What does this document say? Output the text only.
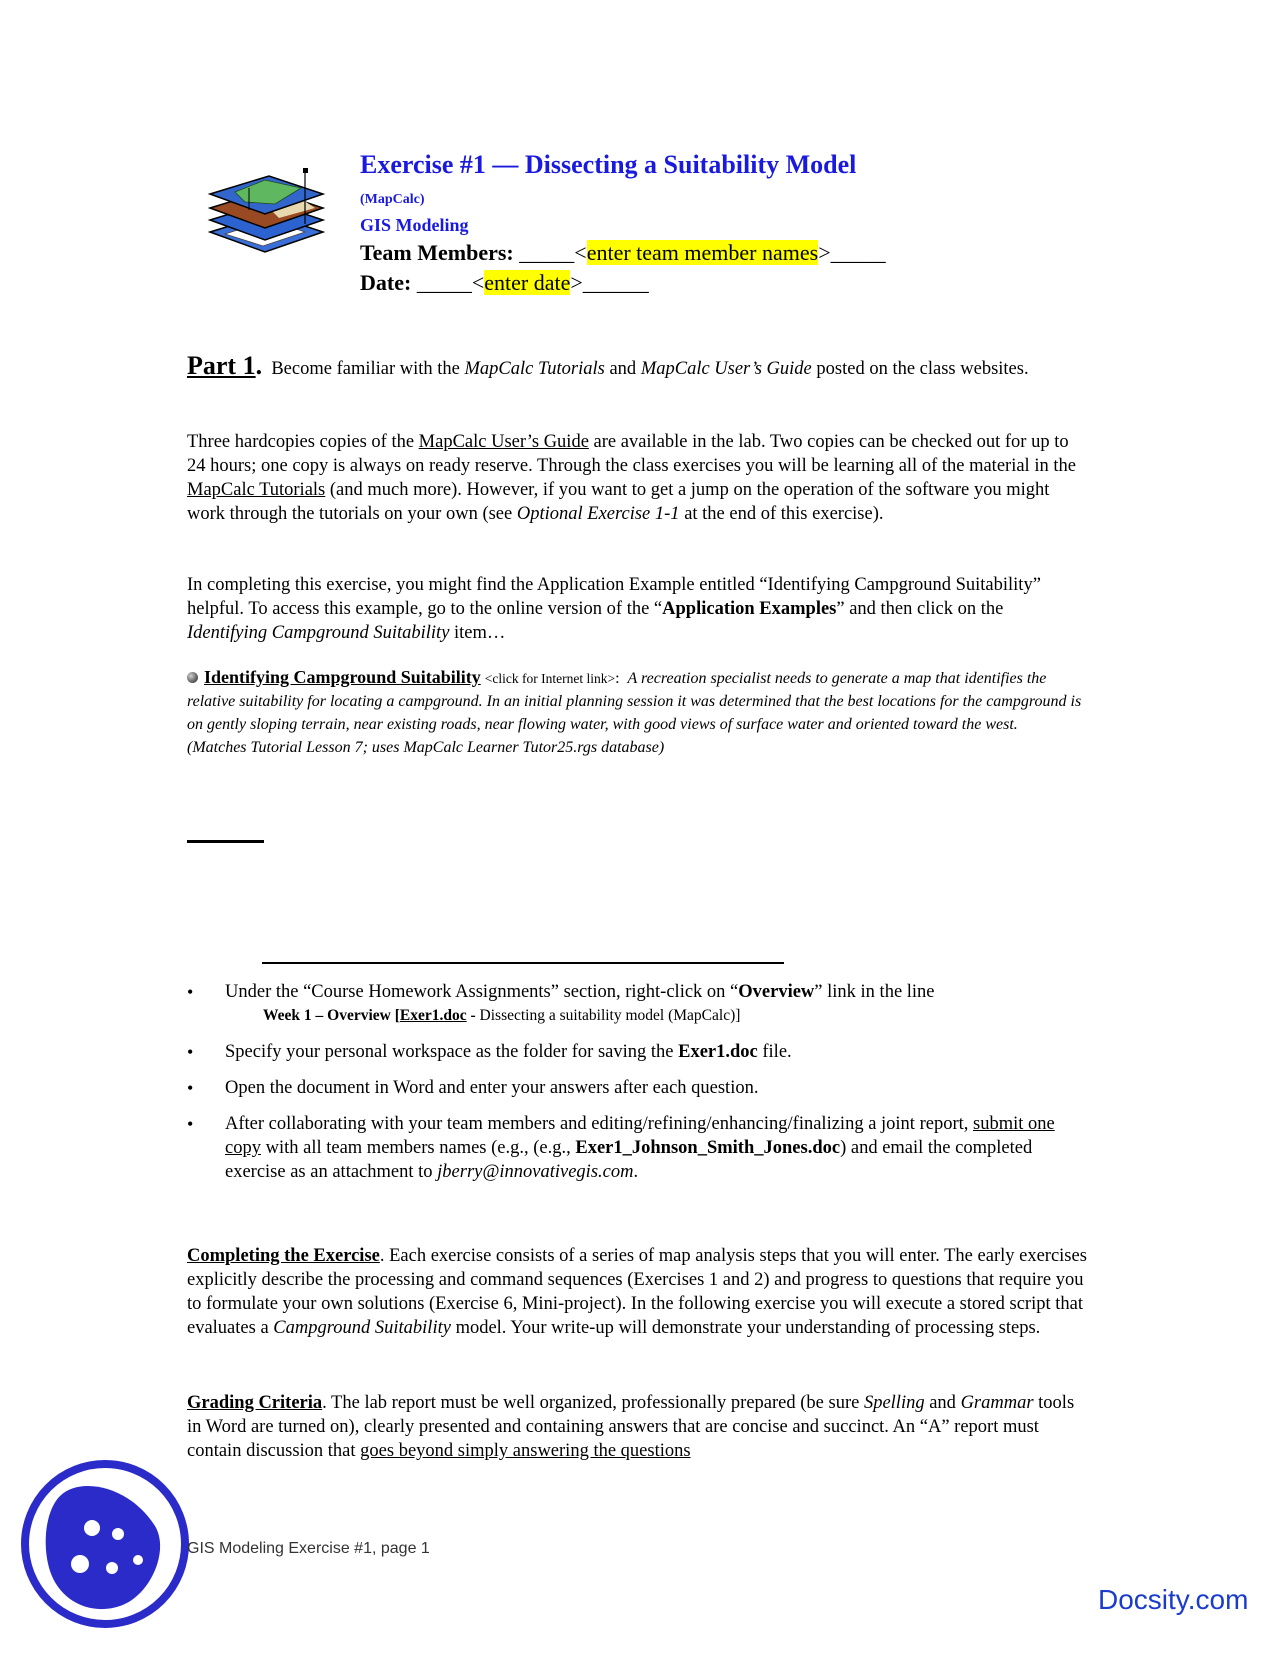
Exercise #1 — Dissecting a Suitability Model
(MapCalc)
GIS Modeling
Team Members: _____<enter team member names>_____
Date: _____<enter date>______
Part 1. Become familiar with the MapCalc Tutorials and MapCalc User’s Guide posted on the class websites.
Three hardcopies copies of the MapCalc User’s Guide are available in the lab. Two copies can be checked out for up to 24 hours; one copy is always on ready reserve. Through the class exercises you will be learning all of the material in the MapCalc Tutorials (and much more). However, if you want to get a jump on the operation of the software you might work through the tutorials on your own (see Optional Exercise 1-1 at the end of this exercise).
In completing this exercise, you might find the Application Example entitled “Identifying Campground Suitability” helpful. To access this example, go to the online version of the “Application Examples” and then click on the Identifying Campground Suitability item…
Identifying Campground Suitability <click for Internet link>: A recreation specialist needs to generate a map that identifies the relative suitability for locating a campground. In an initial planning session it was determined that the best locations for the campground is on gently sloping terrain, near existing roads, near flowing water, with good views of surface water and oriented toward the west.   (Matches Tutorial Lesson 7; uses MapCalc Learner Tutor25.rgs database)
• Under the “Course Homework Assignments” section, right-click on “Overview” link in the line
Week 1 – Overview [Exer1.doc - Dissecting a suitability model (MapCalc)]
• Specify your personal workspace as the folder for saving the Exer1.doc file.
• Open the document in Word and enter your answers after each question.
• After collaborating with your team members and editing/refining/enhancing/finalizing a joint report, submit one copy with all team members names (e.g., (e.g., Exer1_Johnson_Smith_Jones.doc) and email the completed exercise as an attachment to jberry@innovativegis.com.
Completing the Exercise. Each exercise consists of a series of map analysis steps that you will enter. The early exercises explicitly describe the processing and command sequences (Exercises 1 and 2) and progress to questions that require you to formulate your own solutions (Exercise 6, Mini-project). In the following exercise you will execute a stored script that evaluates a Campground Suitability model. Your write-up will demonstrate your understanding of processing steps.
Grading Criteria. The lab report must be well organized, professionally prepared (be sure Spelling and Grammar tools in Word are turned on), clearly presented and containing answers that are concise and succinct. An “A” report must contain discussion that goes beyond simply answering the questions
GIS Modeling Exercise #1, page 1
Docsity.com
